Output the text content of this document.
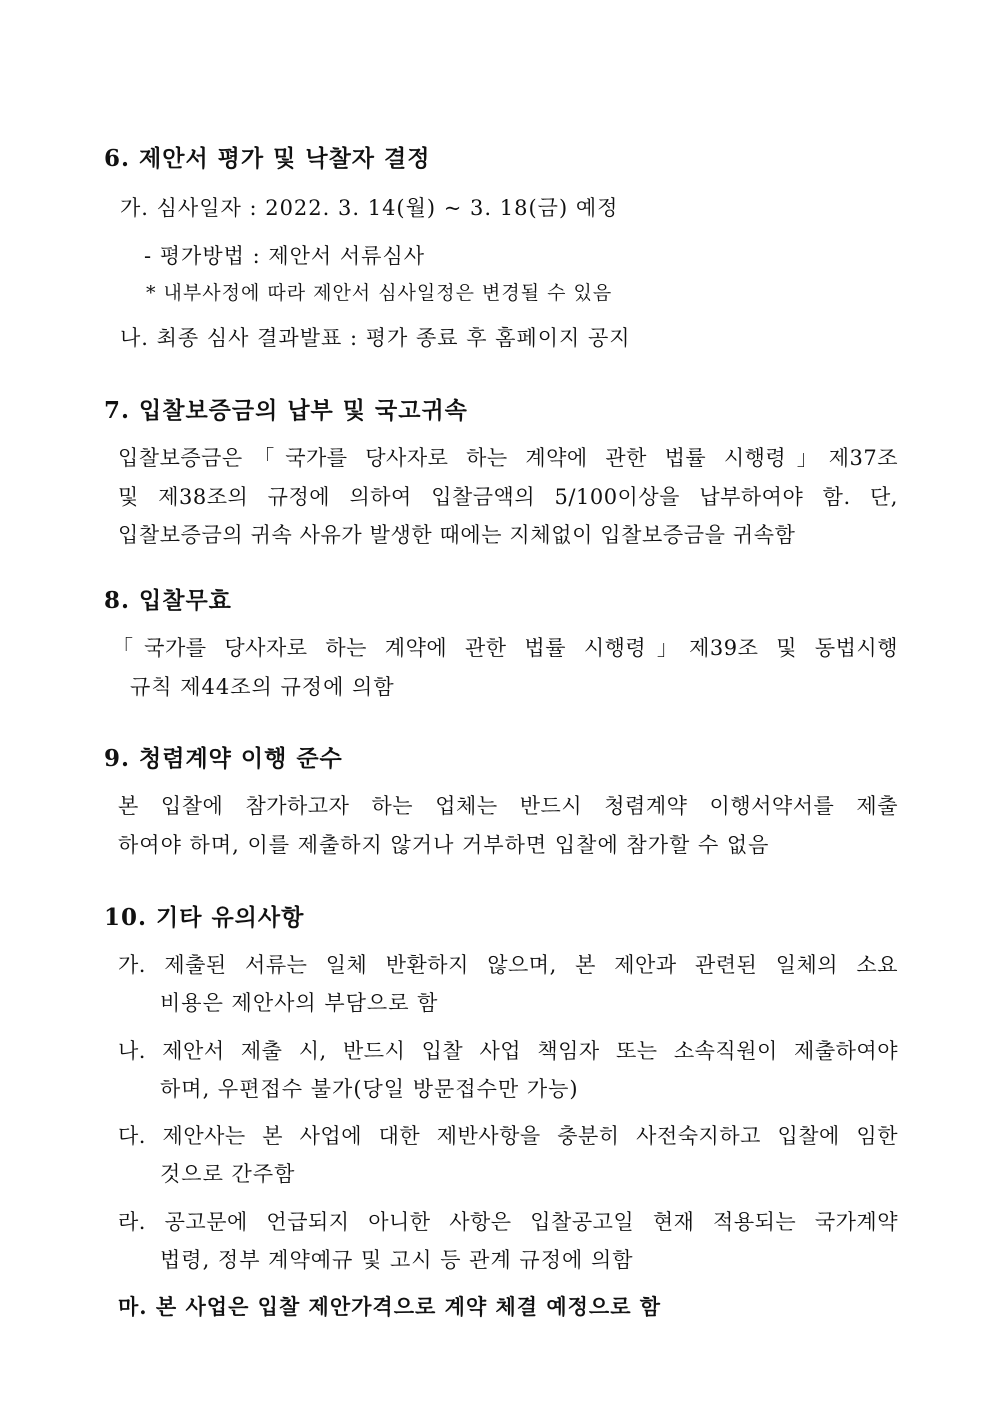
6. 제안서 평가 및 낙찰자 결정
가. 심사일자 : 2022. 3. 14(월) ~ 3. 18(금) 예정
- 평가방법 : 제안서 서류심사
* 내부사정에 따라 제안서 심사일정은 변경될 수 있음
나. 최종 심사 결과발표 : 평가 종료 후 홈페이지 공지
7. 입찰보증금의 납부 및 국고귀속
입찰보증금은「국가를 당사자로 하는 계약에 관한 법률 시행령」제37조
및 제38조의 규정에 의하여 입찰금액의 5/100이상을 납부하여야 함. 단,
입찰보증금의 귀속 사유가 발생한 때에는 지체없이 입찰보증금을 귀속함
8. 입찰무효
「국가를 당사자로 하는 계약에 관한 법률 시행령」제39조 및 동법시행
규칙 제44조의 규정에 의함
9. 청렴계약 이행 준수
본 입찰에 참가하고자 하는 업체는 반드시 청렴계약 이행서약서를 제출
하여야 하며, 이를 제출하지 않거나 거부하면 입찰에 참가할 수 없음
10. 기타 유의사항
가. 제출된 서류는 일체 반환하지 않으며, 본 제안과 관련된 일체의 소요
비용은 제안사의 부담으로 함
나. 제안서 제출 시, 반드시 입찰 사업 책임자 또는 소속직원이 제출하여야
하며, 우편접수 불가(당일 방문접수만 가능)
다. 제안사는 본 사업에 대한 제반사항을 충분히 사전숙지하고 입찰에 임한
것으로 간주함
라. 공고문에 언급되지 아니한 사항은 입찰공고일 현재 적용되는 국가계약
법령, 정부 계약예규 및 고시 등 관계 규정에 의함
마. 본 사업은 입찰 제안가격으로 계약 체결 예정으로 함
